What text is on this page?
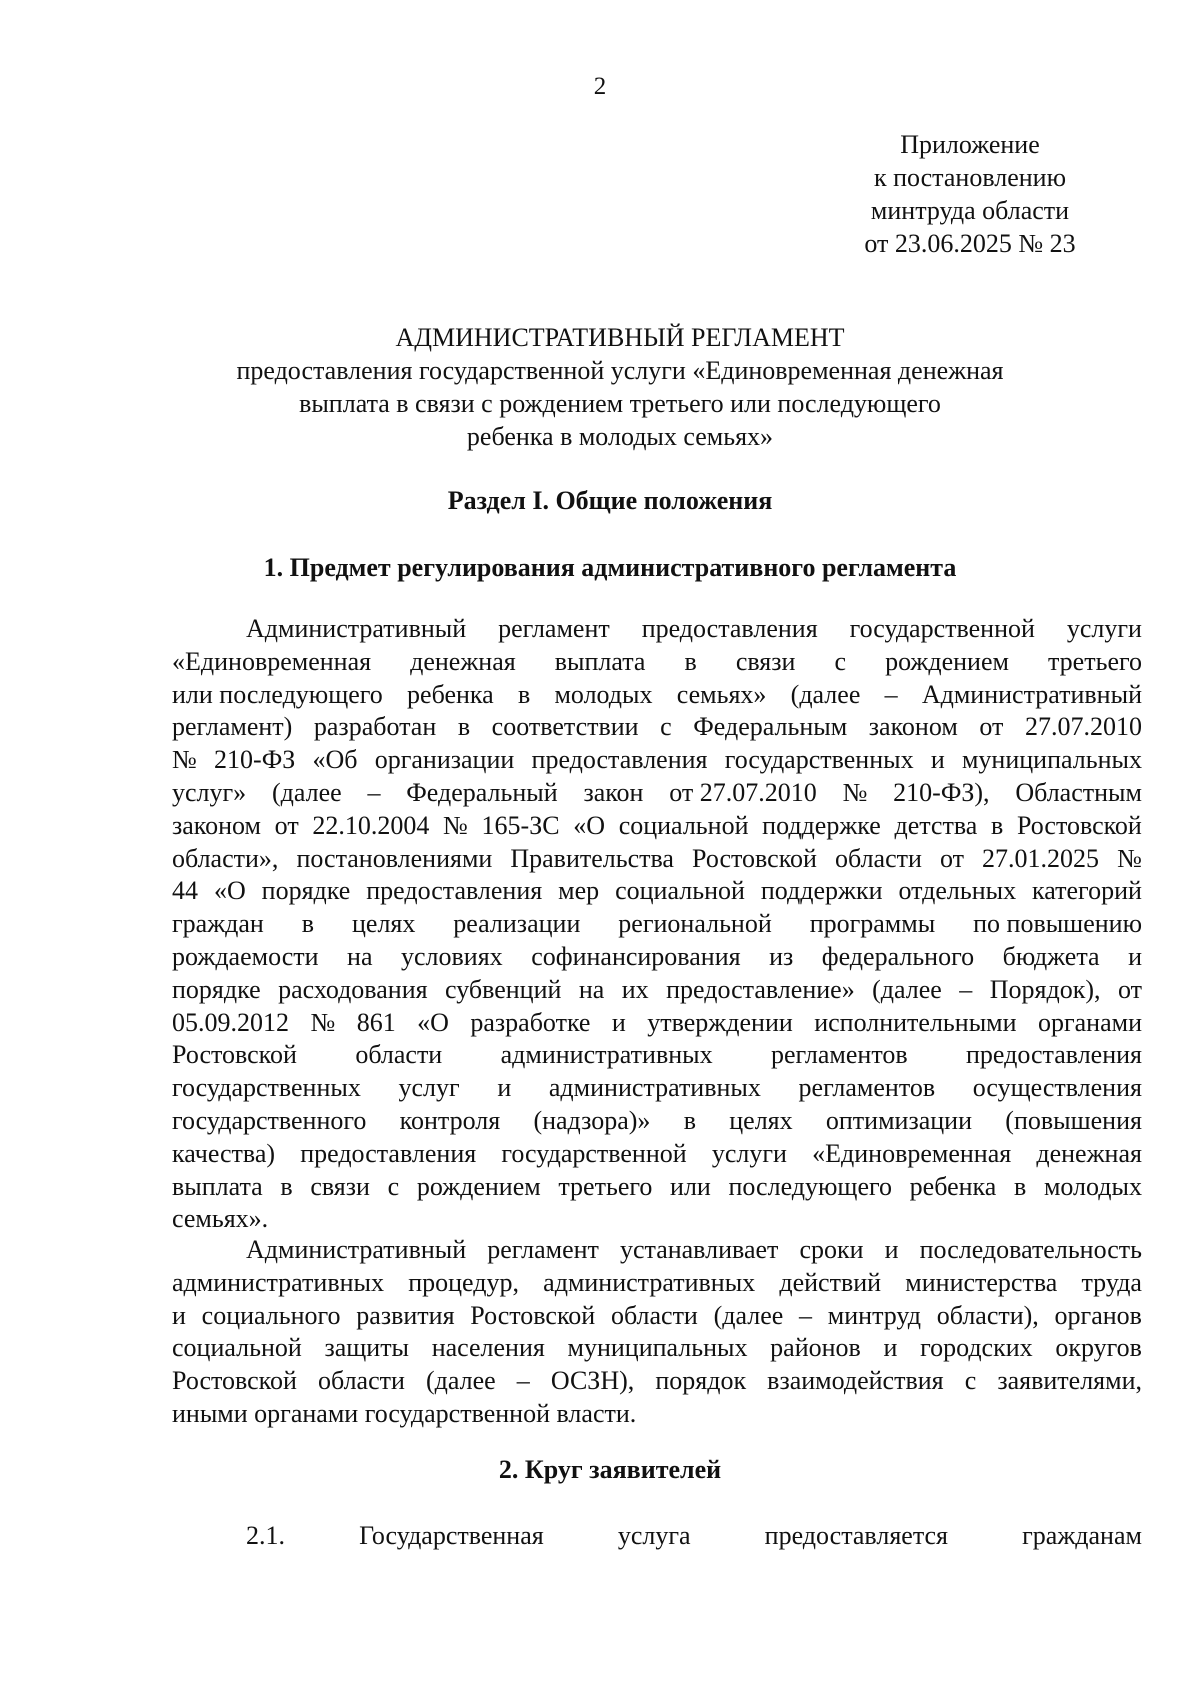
2
Приложение
к постановлению
минтруда области
от 23.06.2025 № 23
АДМИНИСТРАТИВНЫЙ РЕГЛАМЕНТ
предоставления государственной услуги «Единовременная денежная
выплата в связи с рождением третьего или последующего
ребенка в молодых семьях»
Раздел I. Общие положения
1. Предмет регулирования административного регламента
Административный регламент предоставления государственной услуги
«Единовременная денежная выплата в связи с рождением третьего
или последующего ребенка в молодых семьях» (далее – Административный
регламент) разработан в соответствии с Федеральным законом от 27.07.2010
№ 210-ФЗ «Об организации предоставления государственных и муниципальных
услуг» (далее – Федеральный закон от 27.07.2010 № 210-ФЗ), Областным
законом от 22.10.2004 № 165-ЗС «О социальной поддержке детства в Ростовской
области», постановлениями Правительства Ростовской области от 27.01.2025 №
44 «О порядке предоставления мер социальной поддержки отдельных категорий
граждан в целях реализации региональной программы по повышению
рождаемости на условиях софинансирования из федерального бюджета и
порядке расходования субвенций на их предоставление» (далее – Порядок), от
05.09.2012 № 861 «О разработке и утверждении исполнительными органами
Ростовской области административных регламентов предоставления
государственных услуг и административных регламентов осуществления
государственного контроля (надзора)» в целях оптимизации (повышения
качества) предоставления государственной услуги «Единовременная денежная
выплата в связи с рождением третьего или последующего ребенка в молодых
семьях».
Административный регламент устанавливает сроки и последовательность
административных процедур, административных действий министерства труда
и социального развития Ростовской области (далее – минтруд области), органов
социальной защиты населения муниципальных районов и городских округов
Ростовской области (далее – ОСЗН), порядок взаимодействия с заявителями,
иными органами государственной власти.
2. Круг заявителей
2.1.	Государственная	услуга	предоставляется	гражданам
